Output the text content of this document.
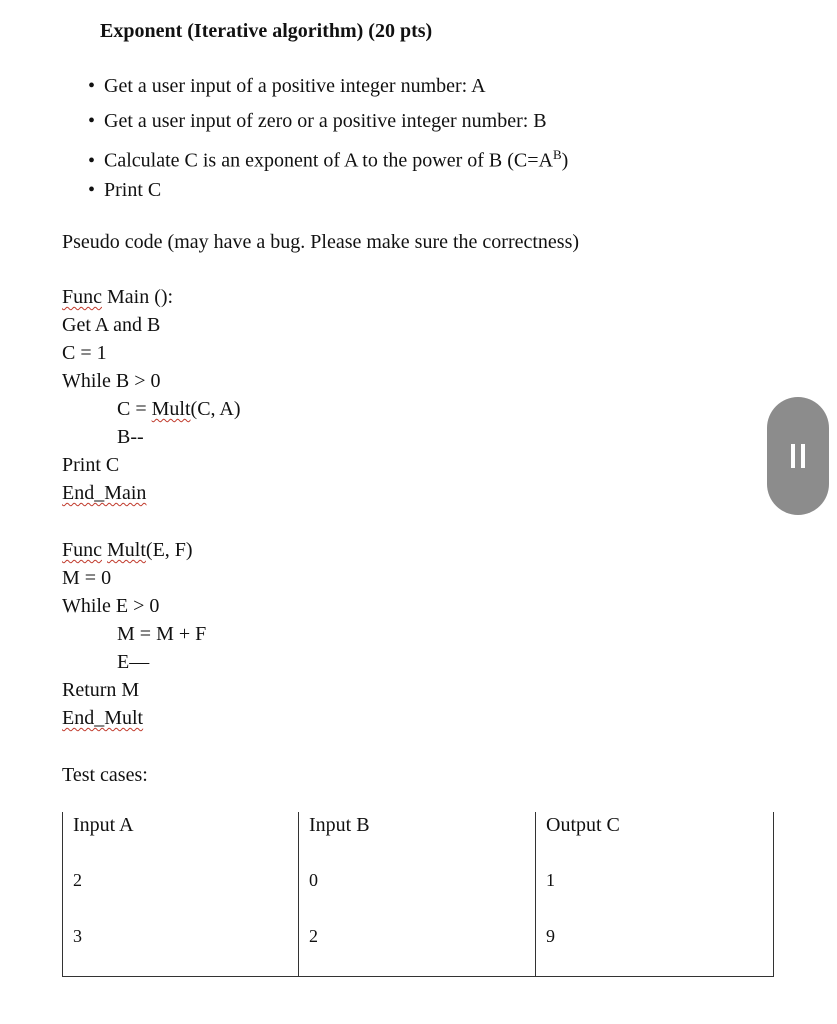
Exponent (Iterative algorithm) (20 pts)
• Get a user input of a positive integer number: A
• Get a user input of zero or a positive integer number: B
• Calculate C is an exponent of A to the power of B $(C=A^B)$
• Print C
Pseudo code (may have a bug. Please make sure the correctness)
Func Main ():
Get A and B
C = 1
While B > 0
C = Mult(C, A)
B--
Print C
End_Main
Func Mult(E, F)
M = 0
While E > 0
M = M + F
E—
Return M
End_Mult
Test cases:
Input A	Input B	Output C
2	0	1
3	2	9
